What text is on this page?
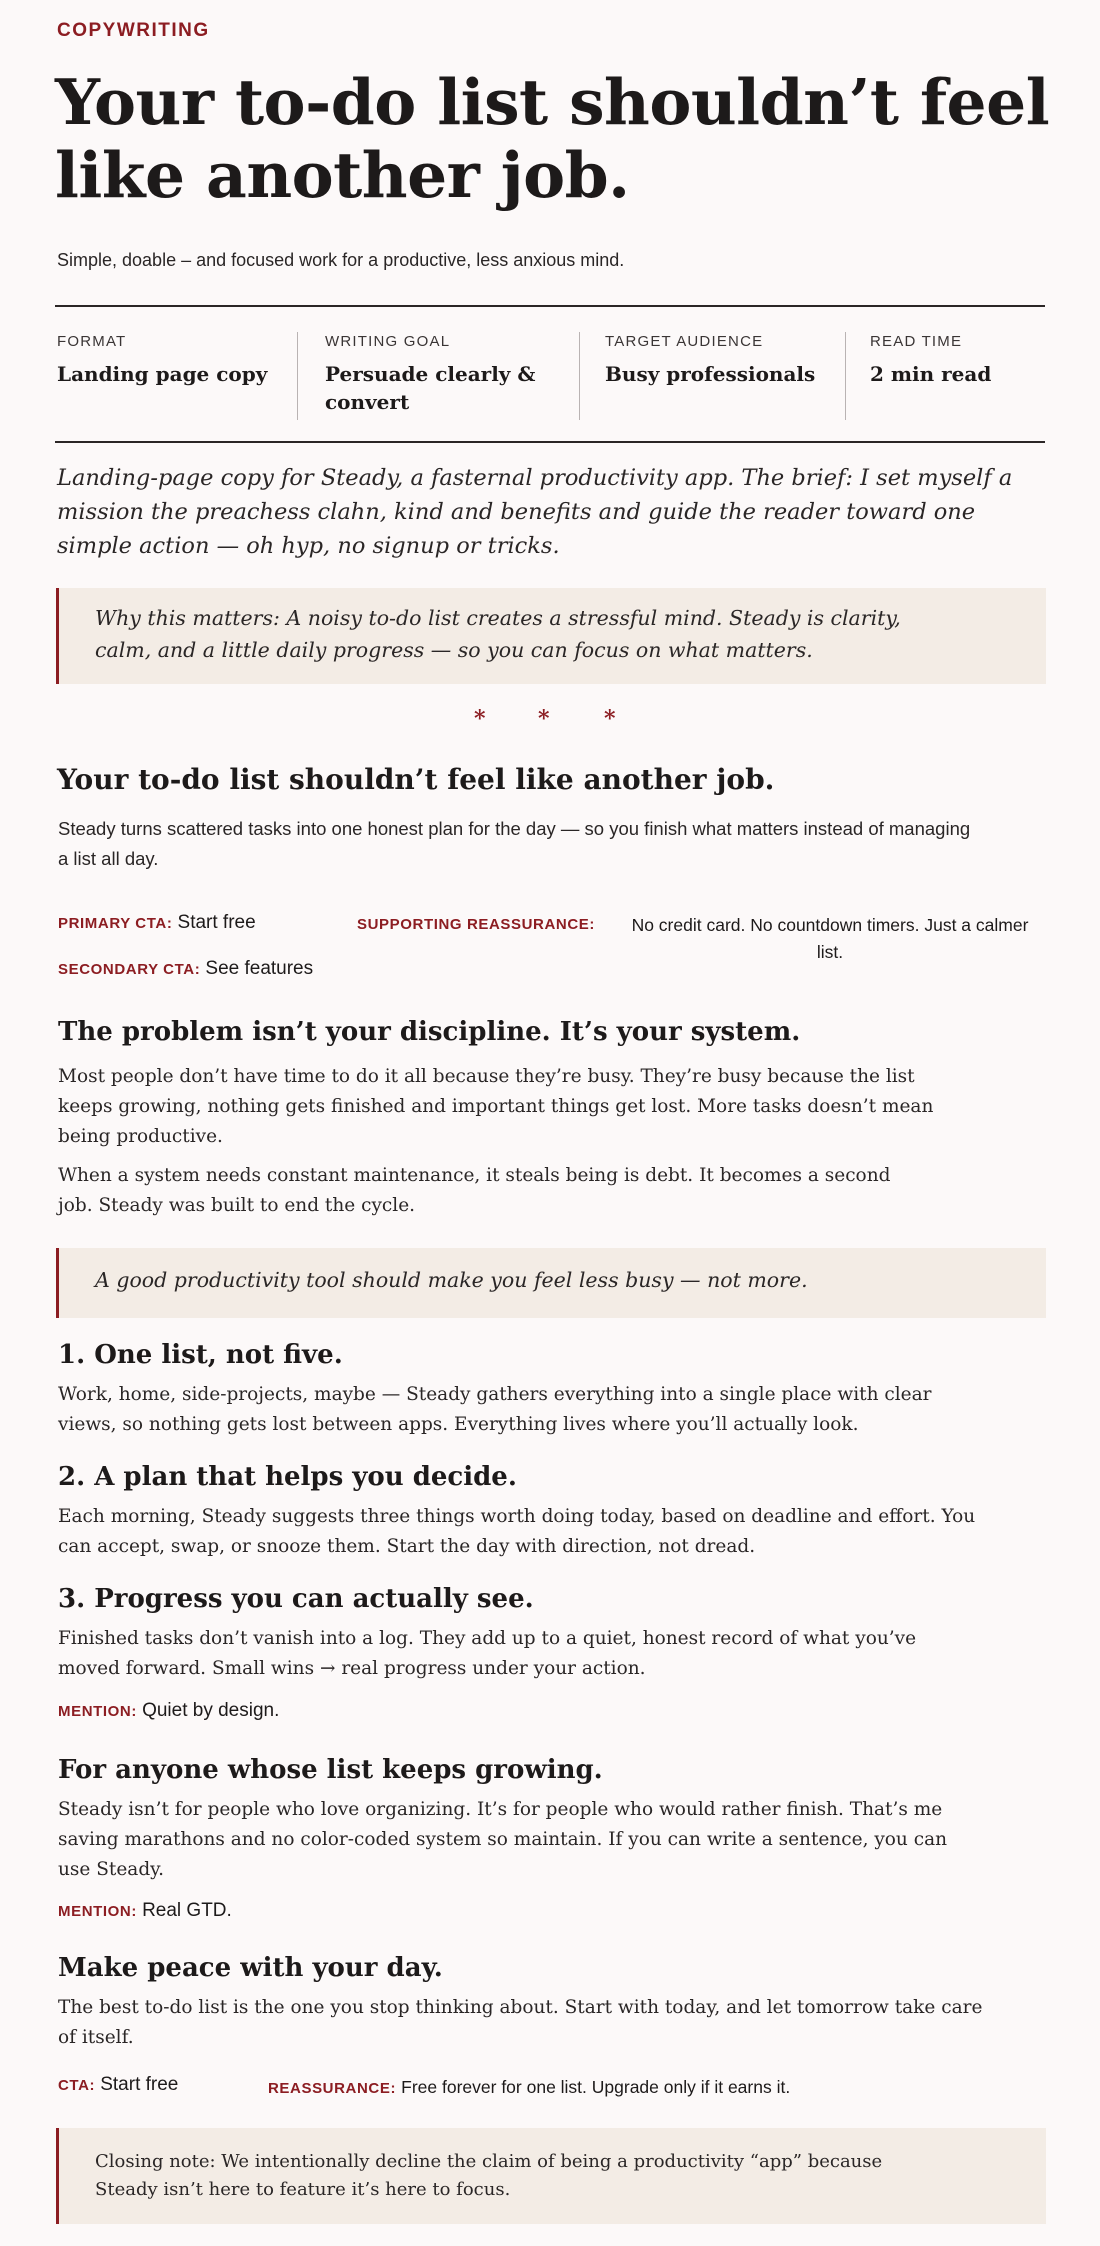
COPYWRITING
Your to-do list shouldn’t feel like another job.
Simple, doable – and focused work for a productive, less anxious mind.
FORMAT
Landing page copy
WRITING GOAL
Persuade clearly & convert
TARGET AUDIENCE
Busy professionals
READ TIME
2 min read
Landing-page copy for Steady, a fasternal productivity app. The brief: I set myself a mission the preachess clahn, kind and benefits and guide the reader toward one simple action — oh hyp, no signup or tricks.
Why this matters: A noisy to-do list creates a stressful mind. Steady is clarity, calm, and a little daily progress — so you can focus on what matters.
* * *
Your to-do list shouldn’t feel like another job.
Steady turns scattered tasks into one honest plan for the day — so you finish what matters instead of managing a list all day.
PRIMARY CTA: Start free	SUPPORTING REASSURANCE:	No credit card. No countdown timers. Just a calmer list.
SECONDARY CTA: See features
The problem isn’t your discipline. It’s your system.

Most people don’t have time to do it all because they’re busy. They’re busy because the list keeps growing, nothing gets finished and important things get lost. More tasks doesn’t mean being productive.

When a system needs constant maintenance, it steals being is debt. It becomes a second job. Steady was built to end the cycle.

A good productivity tool should make you feel less busy — not more.
1. One list, not five.
Work, home, side-projects, maybe — Steady gathers everything into a single place with clear views, so nothing gets lost between apps. Everything lives where you’ll actually look.
2. A plan that helps you decide.
Each morning, Steady suggests three things worth doing today, based on deadline and effort. You can accept, swap, or snooze them. Start the day with direction, not dread.
3. Progress you can actually see.
Finished tasks don’t vanish into a log. They add up to a quiet, honest record of what you’ve moved forward. Small wins → real progress under your action.
MENTION: Quiet by design.
For anyone whose list keeps growing.
Steady isn’t for people who love organizing. It’s for people who would rather finish. That’s me saving marathons and no color-coded system so maintain. If you can write a sentence, you can use Steady.
MENTION: Real GTD.
Make peace with your day.
The best to-do list is the one you stop thinking about. Start with today, and let tomorrow take care of itself.
CTA: Start free	REASSURANCE: Free forever for one list. Upgrade only if it earns it.
Closing note: We intentionally decline the claim of being a productivity “app” because Steady isn’t here to feature it’s here to focus.
